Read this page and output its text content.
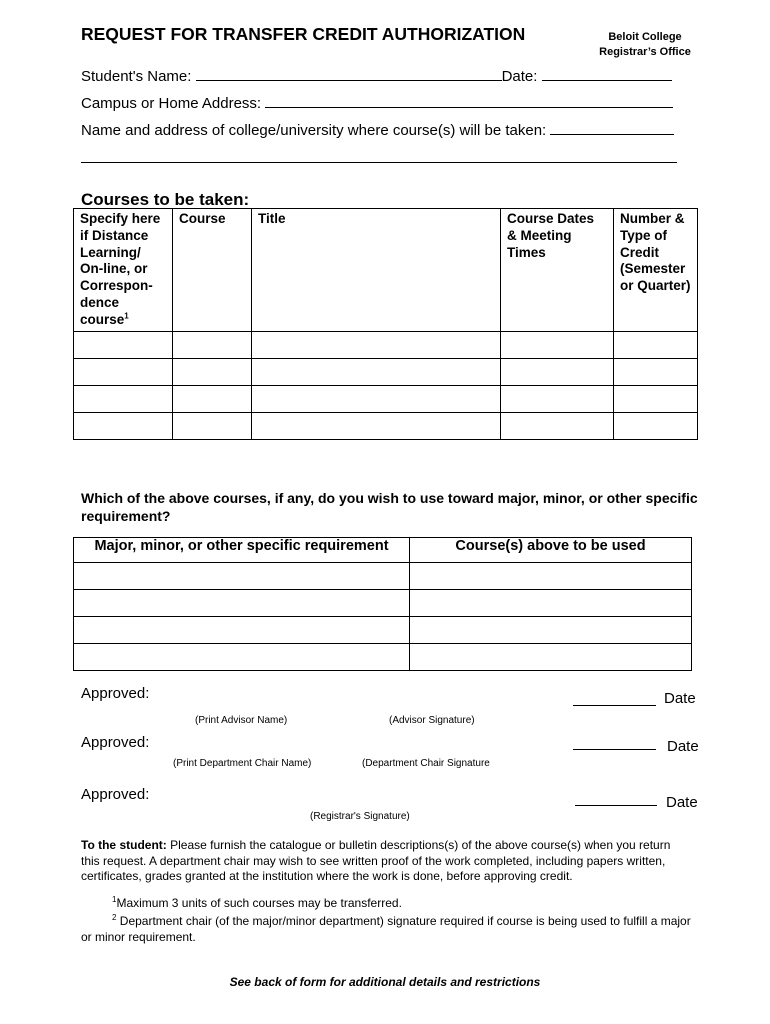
REQUEST FOR TRANSFER CREDIT AUTHORIZATION	Beloit College
Registrar’s Office
Student's Name:	Date:
Campus or Home Address:
Name and address of college/university where course(s) will be taken:
Courses to be taken:
Specify here if Distance Learning/ On-line, or Correspon-dence course$^1$	Course	Title	Course Dates & Meeting Times	Number & Type of Credit (Semester or Quarter)

Which of the above courses, if any, do you wish to use toward major, minor, or other specific requirement?
Major, minor, or other specific requirement	Course(s) above to be used

Approved:	Date
(Print Advisor Name)	(Advisor Signature)
Approved:	Date
(Print Department Chair Name)	(Department Chair Signature
Approved:	Date
(Registrar's Signature)
To the student: Please furnish the catalogue or bulletin descriptions(s) of the above course(s) when you return this request. A department chair may wish to see written proof of the work completed, including papers written, certificates, grades granted at the institution where the work is done, before approving credit.
$^1$Maximum 3 units of such courses may be transferred.
$^2$ Department chair (of the major/minor department) signature required if course is being used to fulfill a major or minor requirement.
See back of form for additional details and restrictions
